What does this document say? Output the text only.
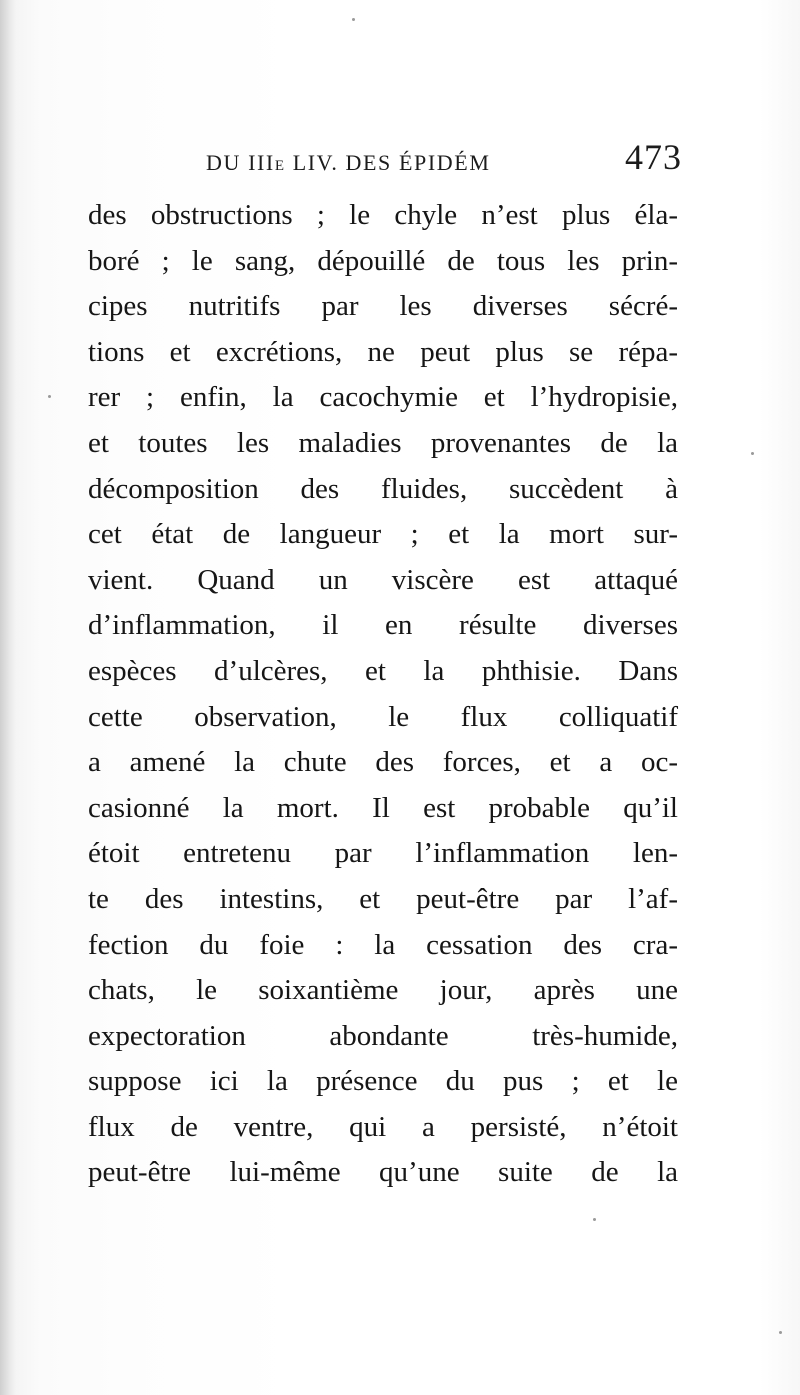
DU IIIe LIV. DES ÉPIDÉM	473
des obstructions ; le chyle n’est plus éla-
boré ; le sang, dépouillé de tous les prin-
cipes nutritifs par les diverses sécré-
tions et excrétions, ne peut plus se répa-
rer ; enfin, la cacochymie et l’hydropisie,
et toutes les maladies provenantes de la
décomposition des fluides, succèdent à
cet état de langueur ; et la mort sur-
vient. Quand un viscère est attaqué
d’inflammation, il en résulte diverses
espèces d’ulcères, et la phthisie. Dans
cette observation, le flux colliquatif
a amené la chute des forces, et a oc-
casionné la mort. Il est probable qu’il
étoit entretenu par l’inflammation len-
te des intestins, et peut-être par l’af-
fection du foie : la cessation des cra-
chats, le soixantième jour, après une
expectoration abondante très-humide,
suppose ici la présence du pus ; et le
flux de ventre, qui a persisté, n’étoit
peut-être lui-même qu’une suite de la
